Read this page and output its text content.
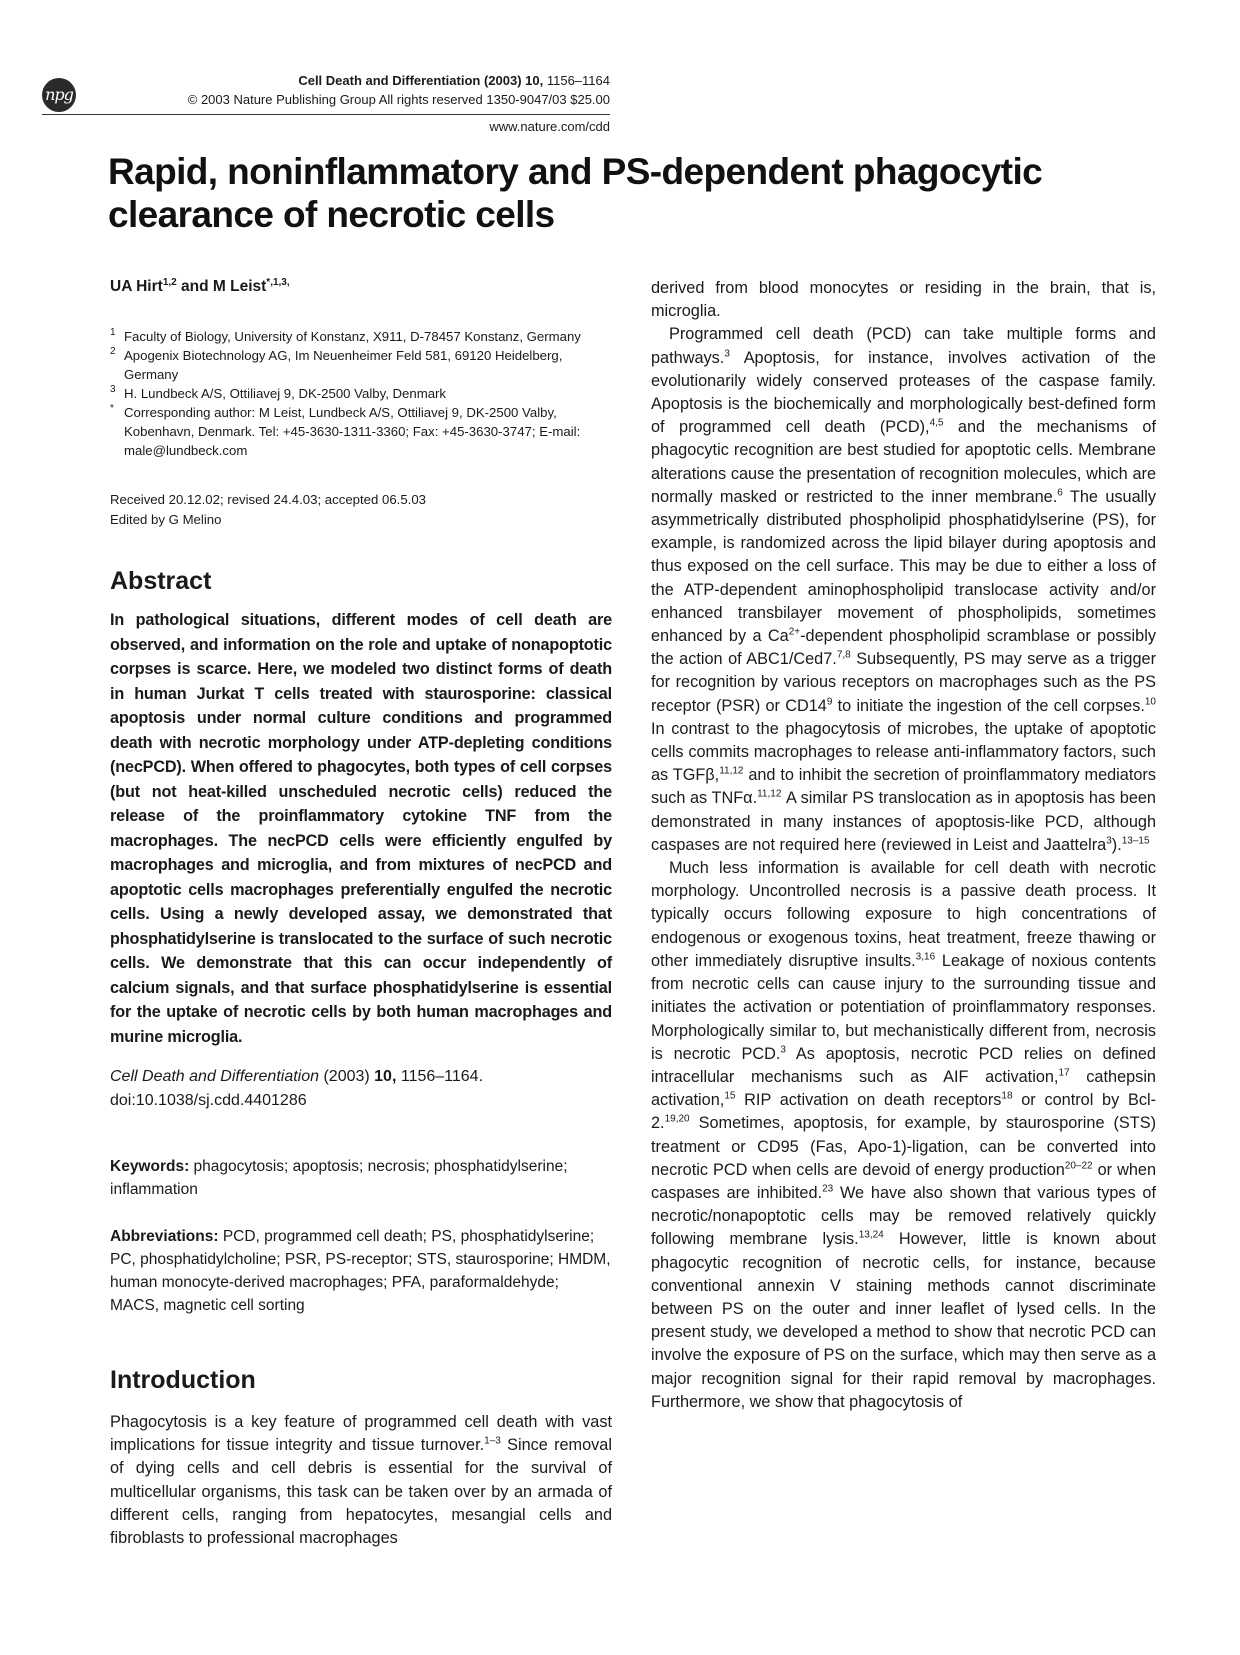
npg
Cell Death and Differentiation (2003) 10, 1156–1164
© 2003 Nature Publishing Group All rights reserved 1350-9047/03 $25.00
www.nature.com/cdd
Rapid, noninflammatory and PS-dependent phagocytic clearance of necrotic cells
UA Hirt$^{1,2}$ and M Leist$^{*,1,3,}$
1 Faculty of Biology, University of Konstanz, X911, D-78457 Konstanz, Germany
2 Apogenix Biotechnology AG, Im Neuenheimer Feld 581, 69120 Heidelberg, Germany
3 H. Lundbeck A/S, Ottiliavej 9, DK-2500 Valby, Denmark
* Corresponding author: M Leist, Lundbeck A/S, Ottiliavej 9, DK-2500 Valby, Kobenhavn, Denmark. Tel: +45-3630-1311-3360; Fax: +45-3630-3747; E-mail: male@lundbeck.com
Received 20.12.02; revised 24.4.03; accepted 06.5.03
Edited by G Melino
Abstract
In pathological situations, different modes of cell death are observed, and information on the role and uptake of nonapoptotic corpses is scarce. Here, we modeled two distinct forms of death in human Jurkat T cells treated with staurosporine: classical apoptosis under normal culture conditions and programmed death with necrotic morphology under ATP-depleting conditions (necPCD). When offered to phagocytes, both types of cell corpses (but not heat-killed unscheduled necrotic cells) reduced the release of the proinflammatory cytokine TNF from the macrophages. The necPCD cells were efficiently engulfed by macrophages and microglia, and from mixtures of necPCD and apoptotic cells macrophages preferentially engulfed the necrotic cells. Using a newly developed assay, we demonstrated that phosphatidylserine is translocated to the surface of such necrotic cells. We demonstrate that this can occur independently of calcium signals, and that surface phosphatidylserine is essential for the uptake of necrotic cells by both human macrophages and murine microglia.
Cell Death and Differentiation (2003) 10, 1156–1164. doi:10.1038/sj.cdd.4401286
Keywords: phagocytosis; apoptosis; necrosis; phosphatidylserine; inflammation
Abbreviations: PCD, programmed cell death; PS, phosphatidylserine; PC, phosphatidylcholine; PSR, PS-receptor; STS, staurosporine; HMDM, human monocyte-derived macrophages; PFA, paraformaldehyde; MACS, magnetic cell sorting
Introduction

Phagocytosis is a key feature of programmed cell death with vast implications for tissue integrity and tissue turnover.$^{1-3}$ Since removal of dying cells and cell debris is essential for the survival of multicellular organisms, this task can be taken over by an armada of different cells, ranging from hepatocytes, mesangial cells and fibroblasts to professional macrophages

derived from blood monocytes or residing in the brain, that is, microglia.

Programmed cell death (PCD) can take multiple forms and pathways.$^3$ Apoptosis, for instance, involves activation of the evolutionarily widely conserved proteases of the caspase family. Apoptosis is the biochemically and morphologically best-defined form of programmed cell death (PCD),$^{4,5}$ and the mechanisms of phagocytic recognition are best studied for apoptotic cells. Membrane alterations cause the presentation of recognition molecules, which are normally masked or restricted to the inner membrane.$^6$ The usually asymmetrically distributed phospholipid phosphatidylserine (PS), for example, is randomized across the lipid bilayer during apoptosis and thus exposed on the cell surface. This may be due to either a loss of the ATP-dependent aminophospholipid translocase activity and/or enhanced transbilayer movement of phospholipids, sometimes enhanced by a $Ca^{2+}$-dependent phospholipid scramblase or possibly the action of ABC1/Ced7.$^{7,8}$ Subsequently, PS may serve as a trigger for recognition by various receptors on macrophages such as the PS receptor (PSR) or $CD14^9$ to initiate the ingestion of the cell corpses.$^{10}$ In contrast to the phagocytosis of microbes, the uptake of apoptotic cells commits macrophages to release anti-inflammatory factors, such as TGFβ,$^{11,12}$ and to inhibit the secretion of proinflammatory mediators such as TNFα.$^{11,12}$ A similar PS translocation as in apoptosis has been demonstrated in many instances of apoptosis-like PCD, although caspases are not required here (reviewed in Leist and Jaattelra$^3$).$^{13-15}$

Much less information is available for cell death with necrotic morphology. Uncontrolled necrosis is a passive death process. It typically occurs following exposure to high concentrations of endogenous or exogenous toxins, heat treatment, freeze thawing or other immediately disruptive insults.$^{3,16}$ Leakage of noxious contents from necrotic cells can cause injury to the surrounding tissue and initiates the activation or potentiation of proinflammatory responses. Morphologically similar to, but mechanistically different from, necrosis is necrotic PCD.$^3$ As apoptosis, necrotic PCD relies on defined intracellular mechanisms such as AIF activation,$^{17}$ cathepsin activation,$^{15}$ RIP activation on death receptors$^{18}$ or control by Bcl-2.$^{19,20}$ Sometimes, apoptosis, for example, by staurosporine (STS) treatment or CD95 (Fas, Apo-1)-ligation, can be converted into necrotic PCD when cells are devoid of energy production$^{20-22}$ or when caspases are inhibited.$^{23}$ We have also shown that various types of necrotic/nonapoptotic cells may be removed relatively quickly following membrane lysis.$^{13,24}$ However, little is known about phagocytic recognition of necrotic cells, for instance, because conventional annexin V staining methods cannot discriminate between PS on the outer and inner leaflet of lysed cells. In the present study, we developed a method to show that necrotic PCD can involve the exposure of PS on the surface, which may then serve as a major recognition signal for their rapid removal by macrophages. Furthermore, we show that phagocytosis of
